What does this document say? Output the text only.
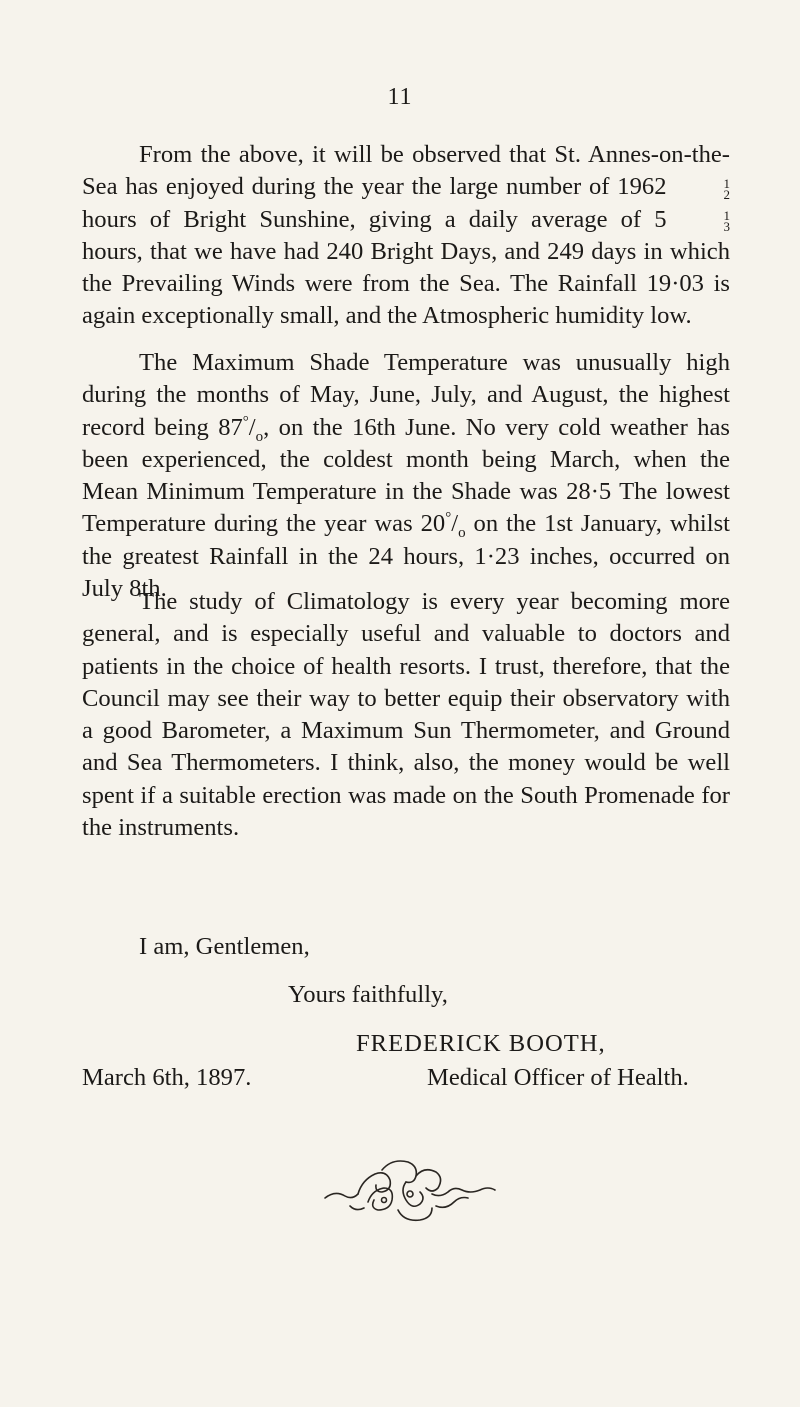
11

From the above, it will be observed that St. Annes-on-the-Sea has enjoyed during the year the large number of 1962	1
2
hours of Bright Sunshine, giving a daily average of 5	1
3
hours, that we have had 240 Bright Days, and 249 days in which the Prevailing Winds were from the Sea. The Rainfall 19·03 is again exceptionally small, and the Atmospheric humidity low.

The Maximum Shade Temperature was unusually high during the months of May, June, July, and August, the highest record being $87^\circ/_o$, on the 16th June. No very cold weather has been experienced, the coldest month being March, when the Mean Minimum Temperature in the Shade was 28·5 The lowest Temperature during the year was $20^\circ/_o$ on the 1st January, whilst the greatest Rainfall in the 24 hours, 1·23 inches, occurred on July 8th.

The study of Climatology is every year becoming more general, and is especially useful and valuable to doctors and patients in the choice of health resorts. I trust, therefore, that the Council may see their way to better equip their observatory with a good Barometer, a Maximum Sun Thermometer, and Ground and Sea Thermometers. I think, also, the money would be well spent if a suitable erection was made on the South Promenade for the instruments.

I am, Gentlemen,
Yours faithfully,
FREDERICK BOOTH,
March 6th, 1897.	Medical Officer of Health.
